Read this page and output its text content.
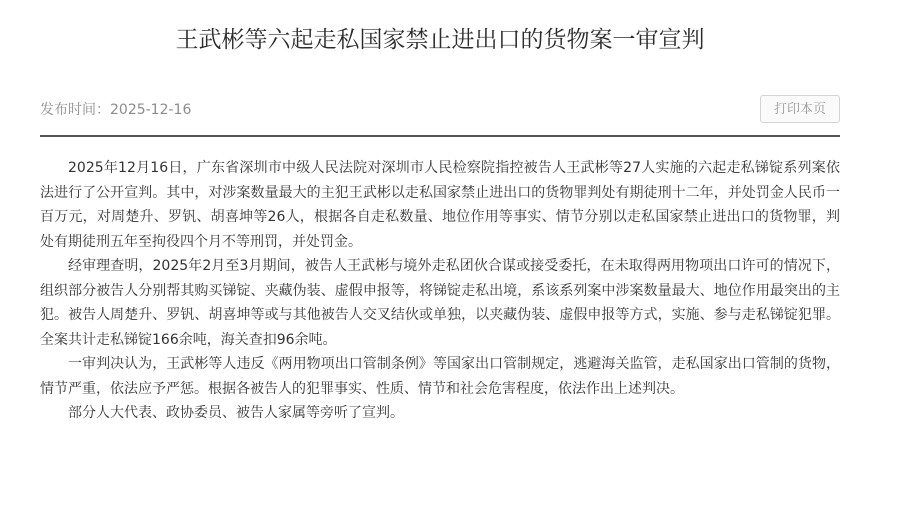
王武彬等六起走私国家禁止进出口的货物案一审宣判
发布时间：2025-12-16	打印本页

2025年12月16日，广东省深圳市中级人民法院对深圳市人民检察院指控被告人王武彬等27人实施的六起走私锑锭系列案依法进行了公开宣判。其中，对涉案数量最大的主犯王武彬以走私国家禁止进出口的货物罪判处有期徒刑十二年，并处罚金人民币一百万元，对周楚升、罗钒、胡喜坤等26人，根据各自走私数量、地位作用等事实、情节分别以走私国家禁止进出口的货物罪，判处有期徒刑五年至拘役四个月不等刑罚，并处罚金。

经审理查明，2025年2月至3月期间，被告人王武彬与境外走私团伙合谋或接受委托，在未取得两用物项出口许可的情况下，组织部分被告人分别帮其购买锑锭、夹藏伪装、虚假申报等，将锑锭走私出境，系该系列案中涉案数量最大、地位作用最突出的主犯。被告人周楚升、罗钒、胡喜坤等或与其他被告人交叉结伙或单独，以夹藏伪装、虚假申报等方式，实施、参与走私锑锭犯罪。全案共计走私锑锭166余吨，海关查扣96余吨。

一审判决认为，王武彬等人违反《两用物项出口管制条例》等国家出口管制规定，逃避海关监管，走私国家出口管制的货物，情节严重，依法应予严惩。根据各被告人的犯罪事实、性质、情节和社会危害程度，依法作出上述判决。

部分人大代表、政协委员、被告人家属等旁听了宣判。
